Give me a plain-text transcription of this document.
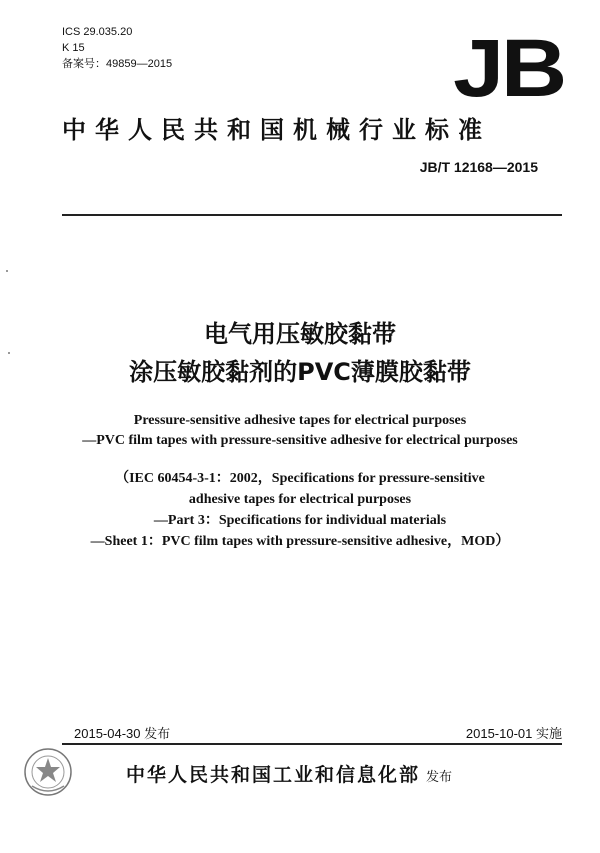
ICS 29.035.20
K 15
备案号：49859—2015	JB
中华人民共和国机械行业标准
JB/T 12168—2015
电气用压敏胶黏带
涂压敏胶黏剂的PVC薄膜胶黏带
Pressure-sensitive adhesive tapes for electrical purposes
—PVC film tapes with pressure-sensitive adhesive for electrical purposes
（IEC 60454-3-1：2002，Specifications for pressure-sensitive
adhesive tapes for electrical purposes
—Part 3：Specifications for individual materials
—Sheet 1：PVC film tapes with pressure-sensitive adhesive，MOD）
2015-04-30 发布	2015-10-01 实施
中华人民共和国工业和信息化部 发布
